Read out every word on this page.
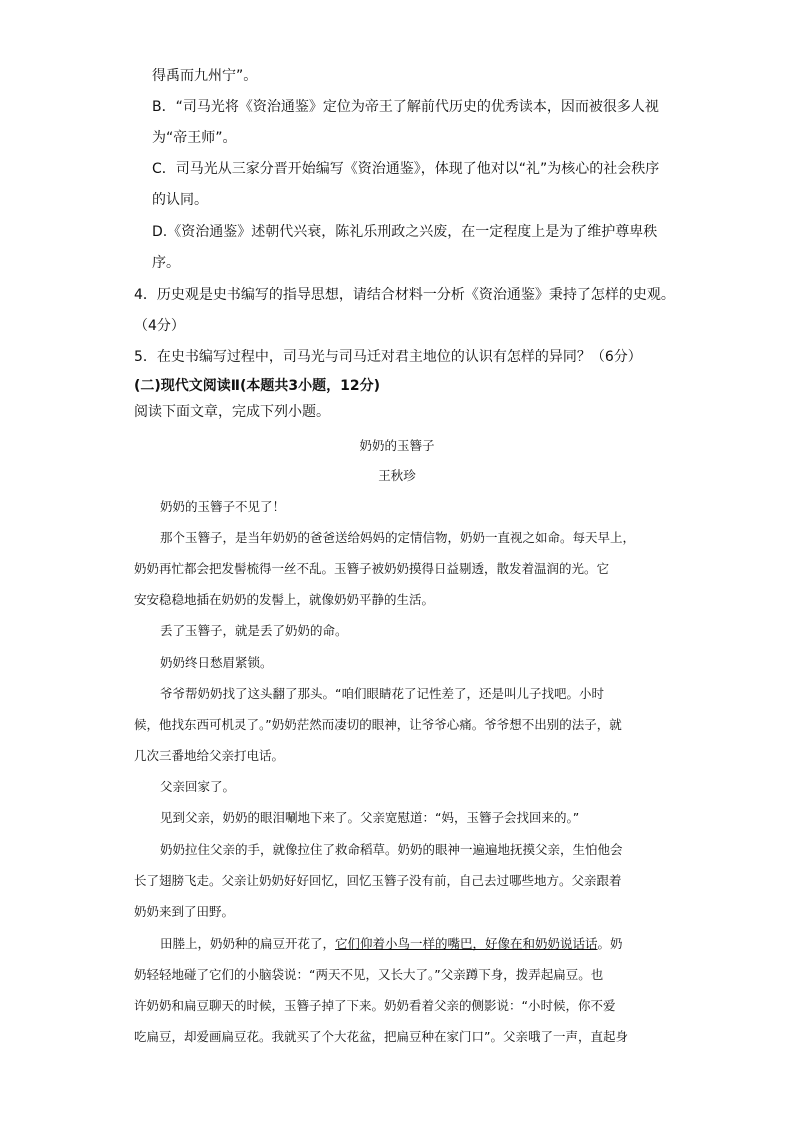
得禹而九州宁”。
B．“司马光将《资治通鉴》定位为帝王了解前代历史的优秀读本，因而被很多人视
为“帝王师”。
C．司马光从三家分晋开始编写《资治通鉴》，体现了他对以“礼”为核心的社会秩序
的认同。
D.《资治通鉴》述朝代兴衰，陈礼乐刑政之兴废，在一定程度上是为了维护尊卑秩
序。
4．历史观是史书编写的指导思想，请结合材料一分析《资治通鉴》秉持了怎样的史观。
（4分）
5．在史书编写过程中，司马光与司马迁对君主地位的认识有怎样的异同？（6分）
(二)现代文阅读Ⅱ(本题共3小题，12分)
阅读下面文章，完成下列小题。
奶奶的玉簪子
王秋珍
奶奶的玉簪子不见了！
那个玉簪子，是当年奶奶的爸爸送给妈妈的定情信物，奶奶一直视之如命。每天早上，
奶奶再忙都会把发髻梳得一丝不乱。玉簪子被奶奶摸得日益剔透，散发着温润的光。它
安安稳稳地插在奶奶的发髻上，就像奶奶平静的生活。
丢了玉簪子，就是丢了奶奶的命。
奶奶终日愁眉紧锁。
爷爷帮奶奶找了这头翻了那头。“咱们眼睛花了记性差了，还是叫儿子找吧。小时
候，他找东西可机灵了。”奶奶茫然而凄切的眼神，让爷爷心痛。爷爷想不出别的法子，就
几次三番地给父亲打电话。
父亲回家了。
见到父亲，奶奶的眼泪唰地下来了。父亲宽慰道：“妈，玉簪子会找回来的。”
奶奶拉住父亲的手，就像拉住了救命稻草。奶奶的眼神一遍遍地抚摸父亲，生怕他会
长了翅膀飞走。父亲让奶奶好好回忆，回忆玉簪子没有前，自己去过哪些地方。父亲跟着
奶奶来到了田野。
田塍上，奶奶种的扁豆开花了，它们仰着小鸟一样的嘴巴，好像在和奶奶说话话。奶
奶轻轻地碰了它们的小脑袋说：“两天不见，又长大了。”父亲蹲下身，拨弄起扁豆。也
许奶奶和扁豆聊天的时候，玉簪子掉了下来。奶奶看着父亲的侧影说：“小时候，你不爱
吃扁豆，却爱画扁豆花。我就买了个大花盆，把扁豆种在家门口”。父亲哦了一声，直起身
